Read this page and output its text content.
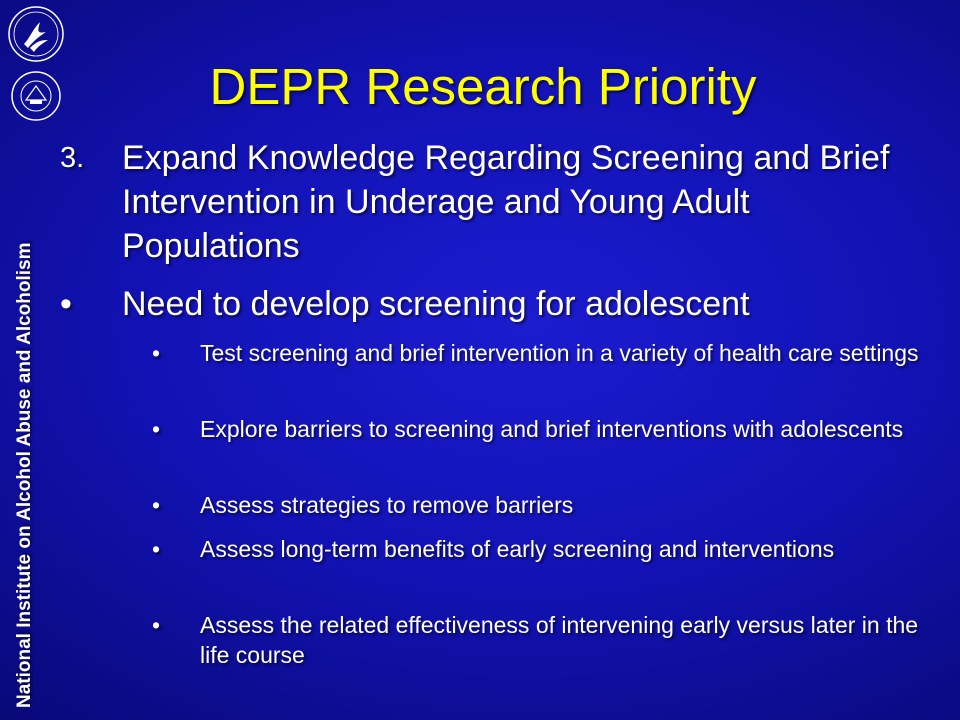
National Institute on Alcohol Abuse and Alcoholism
DEPR Research Priority
3. Expand Knowledge Regarding Screening and Brief Intervention in Underage and Young Adult Populations
• Need to develop screening for adolescent
• Test screening and brief intervention in a variety of health care settings
• Explore barriers to screening and brief interventions with adolescents
• Assess strategies to remove barriers
• Assess long-term benefits of early screening and interventions
• Assess the related effectiveness of intervening early versus later in the life course
